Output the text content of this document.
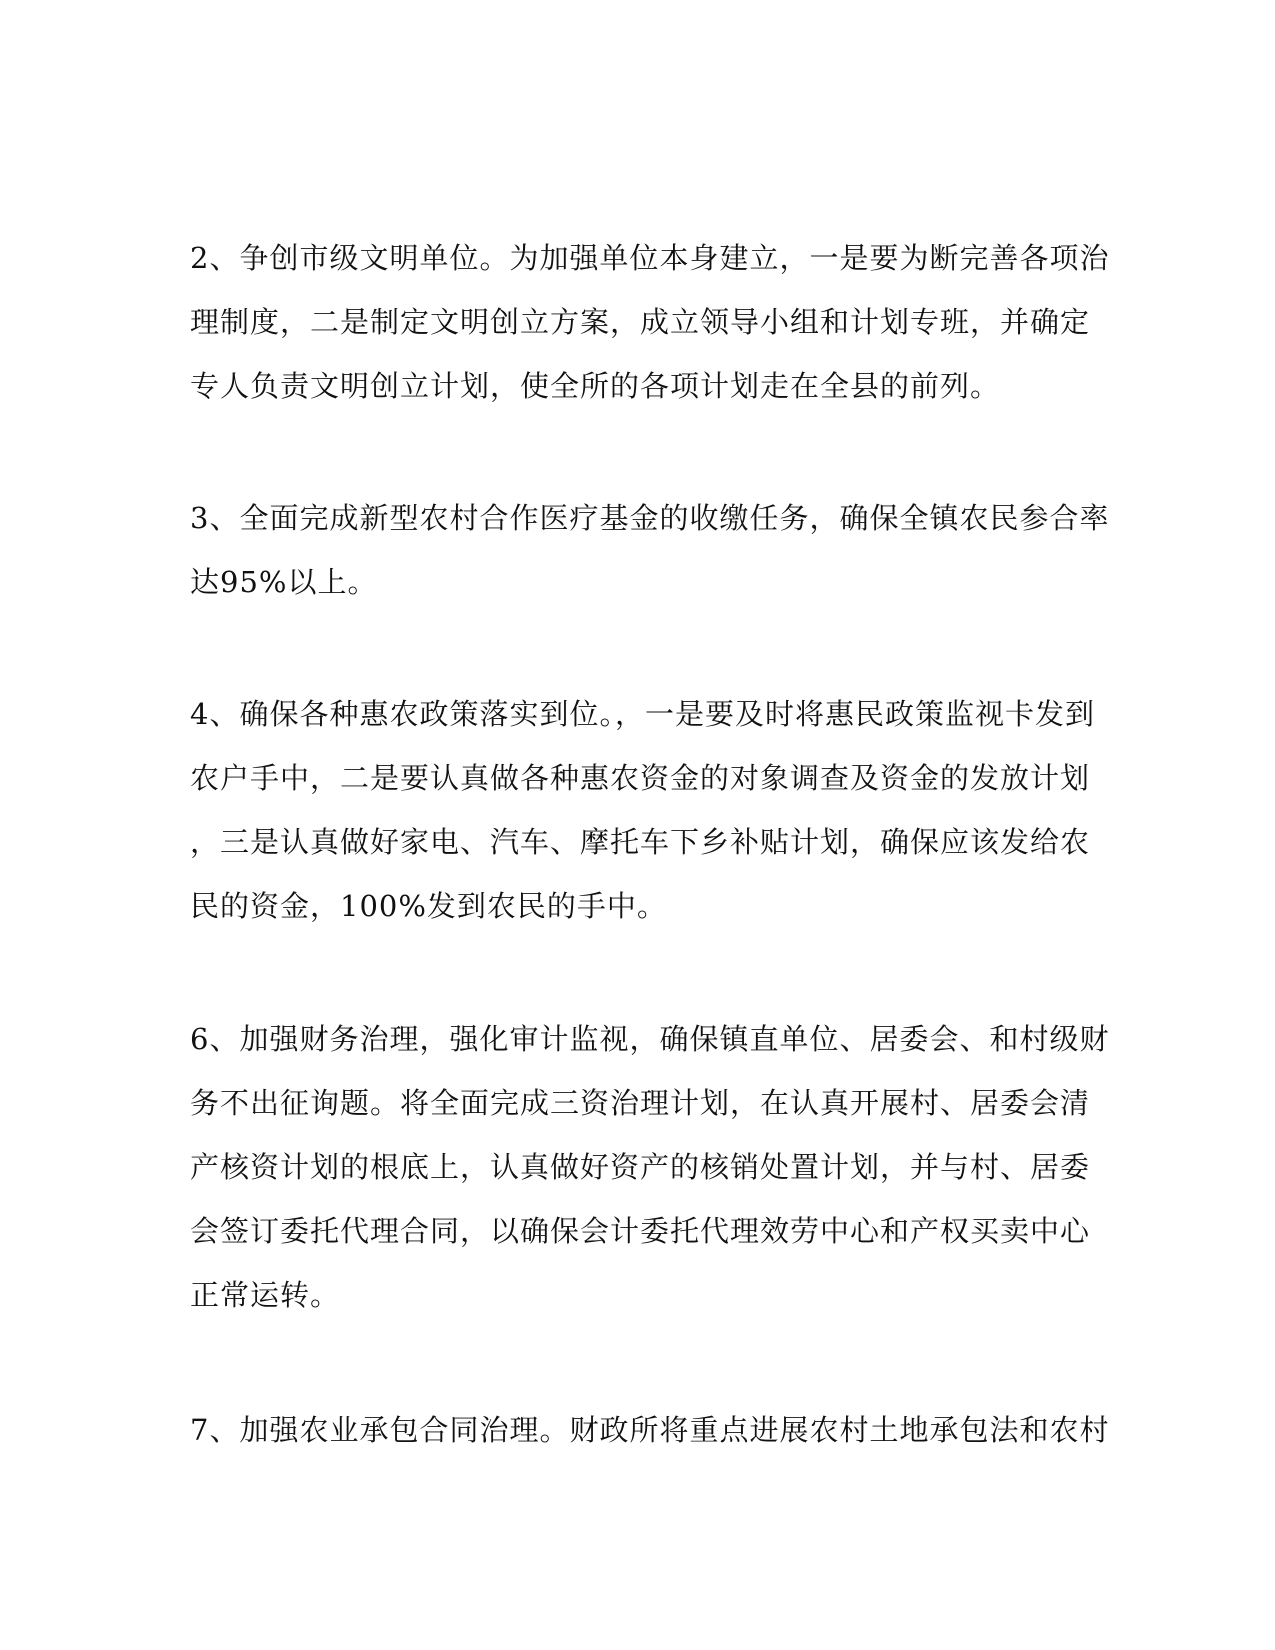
2、争创市级文明单位。为加强单位本身建立，一是要为断完善各项治
理制度，二是制定文明创立方案，成立领导小组和计划专班，并确定
专人负责文明创立计划，使全所的各项计划走在全县的前列。

3、全面完成新型农村合作医疗基金的收缴任务，确保全镇农民参合率
达95%以上。

4、确保各种惠农政策落实到位。，一是要及时将惠民政策监视卡发到
农户手中，二是要认真做各种惠农资金的对象调查及资金的发放计划
，三是认真做好家电、汽车、摩托车下乡补贴计划，确保应该发给农
民的资金，100%发到农民的手中。

6、加强财务治理，强化审计监视，确保镇直单位、居委会、和村级财
务不出征询题。将全面完成三资治理计划，在认真开展村、居委会清
产核资计划的根底上，认真做好资产的核销处置计划，并与村、居委
会签订委托代理合同，以确保会计委托代理效劳中心和产权买卖中心
正常运转。

7、加强农业承包合同治理。财政所将重点进展农村土地承包法和农村
